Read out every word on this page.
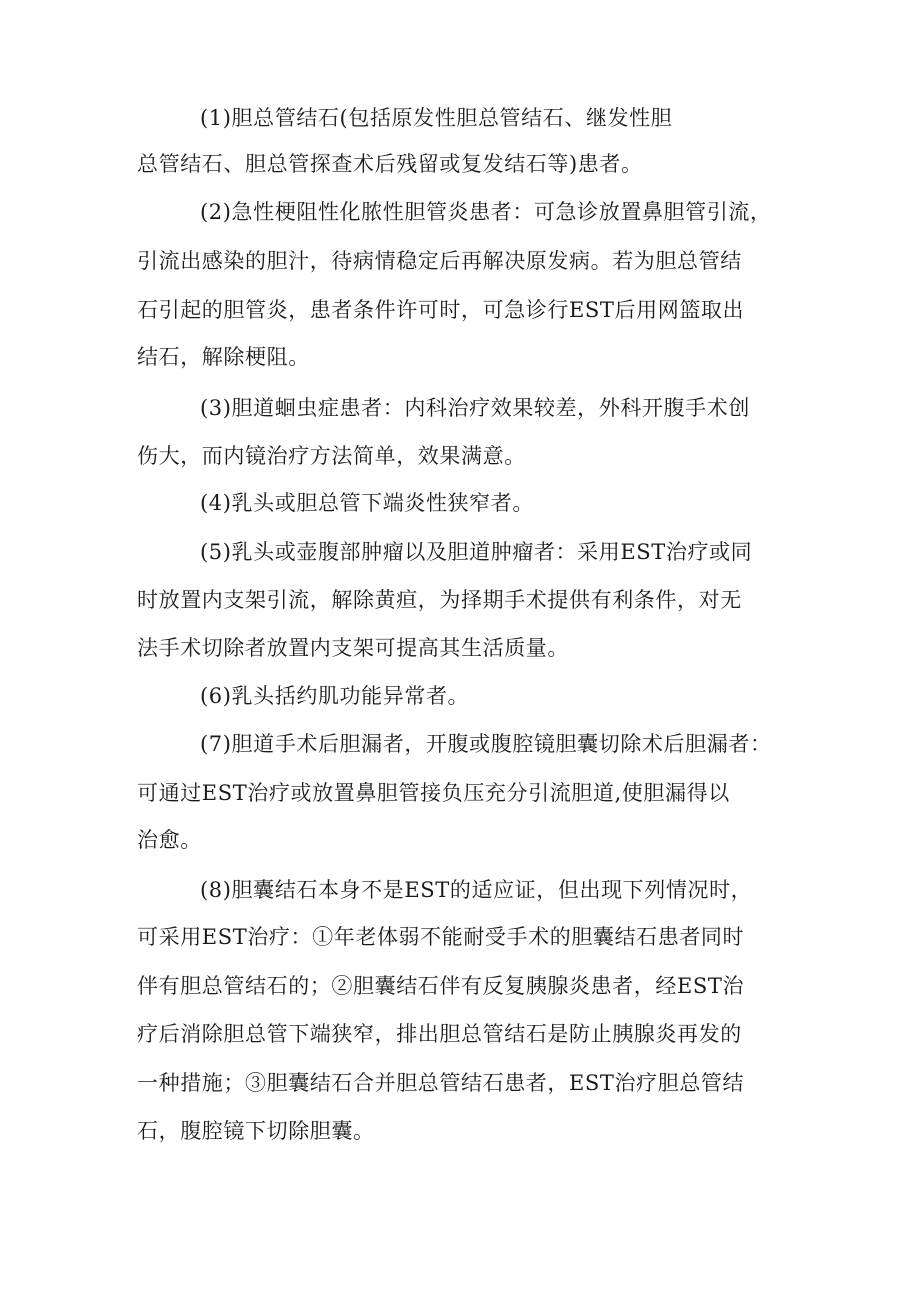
(1)胆总管结石(包括原发性胆总管结石、继发性胆

总管结石、胆总管探查术后残留或复发结石等)患者。

(2)急性梗阻性化脓性胆管炎患者：可急诊放置鼻胆管引流，

引流出感染的胆汁，待病情稳定后再解决原发病。若为胆总管结

石引起的胆管炎，患者条件许可时，可急诊行EST后用网篮取出

结石，解除梗阻。

(3)胆道蛔虫症患者：内科治疗效果较差，外科开腹手术创

伤大，而内镜治疗方法简单，效果满意。

(4)乳头或胆总管下端炎性狭窄者。

(5)乳头或壶腹部肿瘤以及胆道肿瘤者：采用EST治疗或同

时放置内支架引流，解除黄疸，为择期手术提供有利条件，对无

法手术切除者放置内支架可提高其生活质量。

(6)乳头括约肌功能异常者。

(7)胆道手术后胆漏者，开腹或腹腔镜胆囊切除术后胆漏者：

可通过EST治疗或放置鼻胆管接负压充分引流胆道,使胆漏得以

治愈。

(8)胆囊结石本身不是EST的适应证，但出现下列情况时，

可采用EST治疗：①年老体弱不能耐受手术的胆囊结石患者同时

伴有胆总管结石的；②胆囊结石伴有反复胰腺炎患者，经EST治

疗后消除胆总管下端狭窄，排出胆总管结石是防止胰腺炎再发的

一种措施；③胆囊结石合并胆总管结石患者，EST治疗胆总管结

石，腹腔镜下切除胆囊。
